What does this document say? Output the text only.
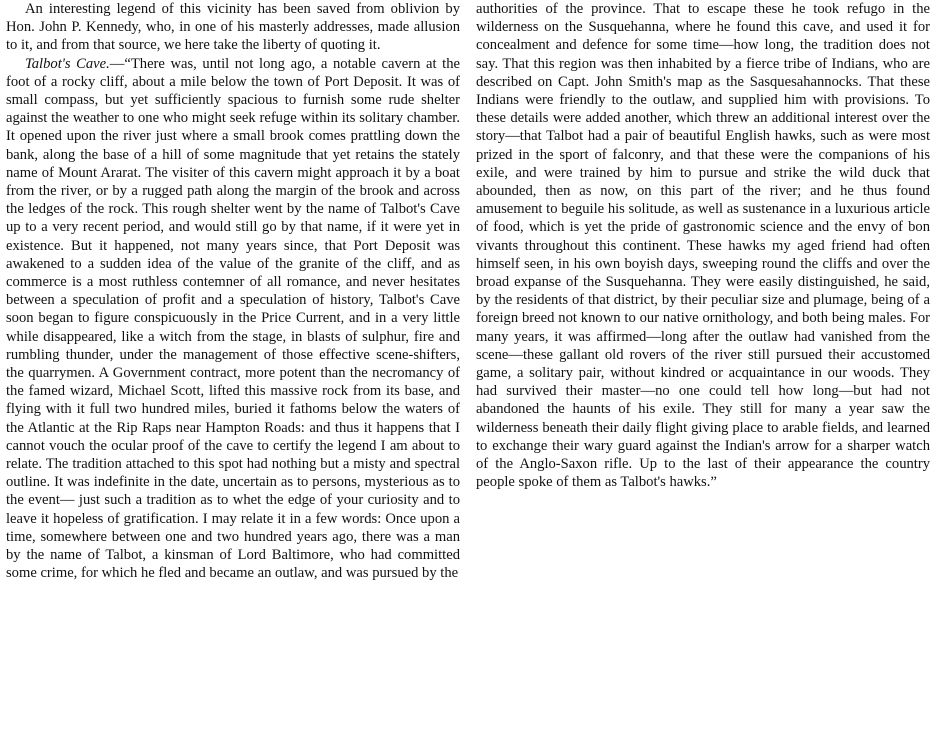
An interesting legend of this vicinity has been saved from oblivion by Hon. John P. Kennedy, who, in one of his masterly addresses, made allusion to it, and from that source, we here take the liberty of quoting it.

Talbot's Cave.—“There was, until not long ago, a notable cavern at the foot of a rocky cliff, about a mile below the town of Port Deposit. It was of small compass, but yet sufficiently spacious to furnish some rude shelter against the weather to one who might seek refuge within its solitary chamber. It opened upon the river just where a small brook comes prattling down the bank, along the base of a hill of some magnitude that yet retains the stately name of Mount Ararat. The visiter of this cavern might approach it by a boat from the river, or by a rugged path along the margin of the brook and across the ledges of the rock. This rough shelter went by the name of Talbot's Cave up to a very recent period, and would still go by that name, if it were yet in existence. But it happened, not many years since, that Port Deposit was awakened to a sudden idea of the value of the granite of the cliff, and as commerce is a most ruthless contemner of all romance, and never hesitates between a speculation of profit and a speculation of history, Talbot's Cave soon began to figure conspicuously in the Price Current, and in a very little while disappeared, like a witch from the stage, in blasts of sulphur, fire and rumbling thunder, under the management of those effective scene-shifters, the quarrymen. A Government contract, more potent than the necromancy of the famed wizard, Michael Scott, lifted this massive rock from its base, and flying with it full two hundred miles, buried it fathoms below the waters of the Atlantic at the Rip Raps near Hampton Roads: and thus it happens that I cannot vouch the ocular proof of the cave to certify the legend I am about to relate. The tradition attached to this spot had nothing but a misty and spectral outline. It was indefinite in the date, uncertain as to persons, mysterious as to the event— just such a tradition as to whet the edge of your curiosity and to leave it hopeless of gratification. I may relate it in a few words: Once upon a time, somewhere between one and two hundred years ago, there was a man by the name of Talbot, a kinsman of Lord Baltimore, who had committed some crime, for which he fled and became an outlaw, and was pursued by the

authorities of the province. That to escape these he took refugo in the wilderness on the Susquehanna, where he found this cave, and used it for concealment and defence for some time—how long, the tradition does not say. That this region was then inhabited by a fierce tribe of Indians, who are described on Capt. John Smith's map as the Sasquesahannocks. That these Indians were friendly to the outlaw, and supplied him with provisions. To these details were added another, which threw an additional interest over the story—that Talbot had a pair of beautiful English hawks, such as were most prized in the sport of falconry, and that these were the companions of his exile, and were trained by him to pursue and strike the wild duck that abounded, then as now, on this part of the river; and he thus found amusement to beguile his solitude, as well as sustenance in a luxurious article of food, which is yet the pride of gastronomic science and the envy of bon vivants throughout this continent. These hawks my aged friend had often himself seen, in his own boyish days, sweeping round the cliffs and over the broad expanse of the Susquehanna. They were easily distinguished, he said, by the residents of that district, by their peculiar size and plumage, being of a foreign breed not known to our native ornithology, and both being males. For many years, it was affirmed—long after the outlaw had vanished from the scene—these gallant old rovers of the river still pursued their accustomed game, a solitary pair, without kindred or acquaintance in our woods. They had survived their master—no one could tell how long—but had not abandoned the haunts of his exile. They still for many a year saw the wilderness beneath their daily flight giving place to arable fields, and learned to exchange their wary guard against the Indian's arrow for a sharper watch of the Anglo-Saxon rifle. Up to the last of their appearance the country people spoke of them as Talbot's hawks.”
